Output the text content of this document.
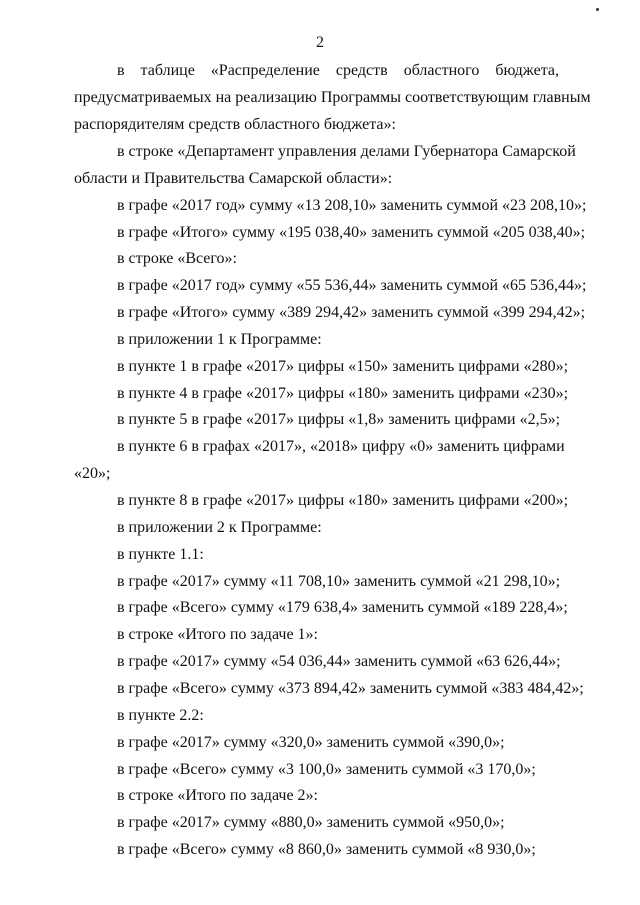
2
в таблице «Распределение средств областного бюджета,
предусматриваемых на реализацию Программы соответствующим главным
распорядителям средств областного бюджета»:
в строке «Департамент управления делами Губернатора Самарской
области и Правительства Самарской области»:
в графе «2017 год» сумму «13 208,10» заменить суммой «23 208,10»;
в графе «Итого» сумму «195 038,40» заменить суммой «205 038,40»;
в строке «Всего»:
в графе «2017 год» сумму «55 536,44» заменить суммой «65 536,44»;
в графе «Итого» сумму «389 294,42» заменить суммой «399 294,42»;
в приложении 1 к Программе:
в пункте 1 в графе «2017» цифры «150» заменить цифрами «280»;
в пункте 4 в графе «2017» цифры «180» заменить цифрами «230»;
в пункте 5 в графе «2017» цифры «1,8» заменить цифрами «2,5»;
в пункте 6 в графах «2017», «2018» цифру «0» заменить цифрами
«20»;
в пункте 8 в графе «2017» цифры «180» заменить цифрами «200»;
в приложении 2 к Программе:
в пункте 1.1:
в графе «2017» сумму «11 708,10» заменить суммой «21 298,10»;
в графе «Всего» сумму «179 638,4» заменить суммой «189 228,4»;
в строке «Итого по задаче 1»:
в графе «2017» сумму «54 036,44» заменить суммой «63 626,44»;
в графе «Всего» сумму «373 894,42» заменить суммой «383 484,42»;
в пункте 2.2:
в графе «2017» сумму «320,0» заменить суммой «390,0»;
в графе «Всего» сумму «3 100,0» заменить суммой «3 170,0»;
в строке «Итого по задаче 2»:
в графе «2017» сумму «880,0» заменить суммой «950,0»;
в графе «Всего» сумму «8 860,0» заменить суммой «8 930,0»;
